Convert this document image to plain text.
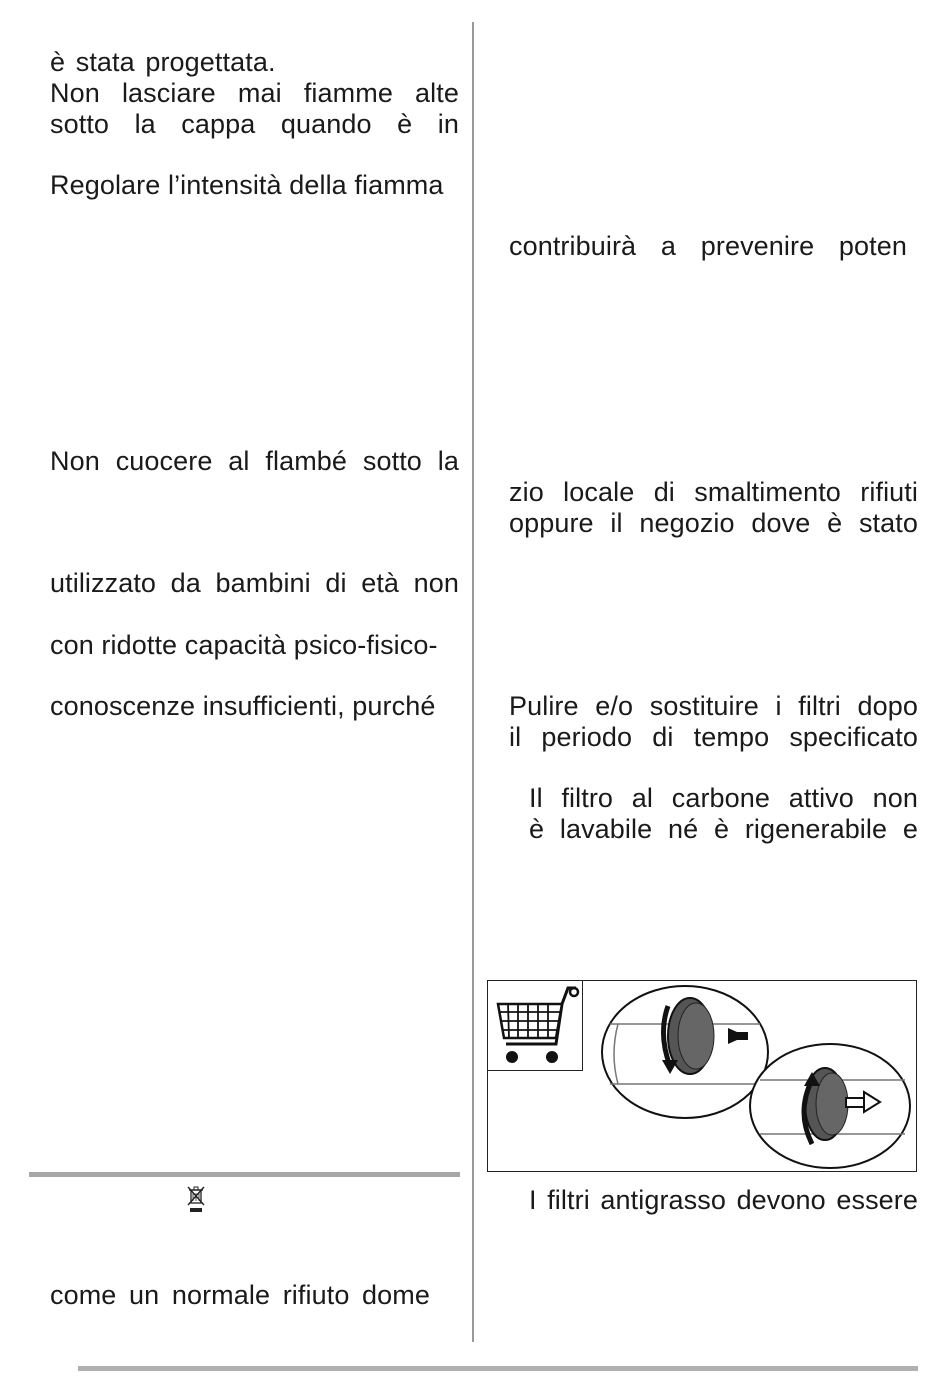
è stata progettata.
Non lasciare mai fiamme alte
sotto la cappa quando è in
Regolare l’intensità della fiamma
Non cuocere al flambé sotto la
utilizzato da bambini di età non
con ridotte capacità psico-fisico-
conoscenze insufficienti, purché
come un normale rifiuto dome
contribuirà a prevenire poten
zio locale di smaltimento rifiuti
oppure il negozio dove è stato
Pulire e/o sostituire i filtri dopo
il periodo di tempo specificato
Il filtro al carbone attivo non
è lavabile né è rigenerabile e
I filtri antigrasso devono essere
